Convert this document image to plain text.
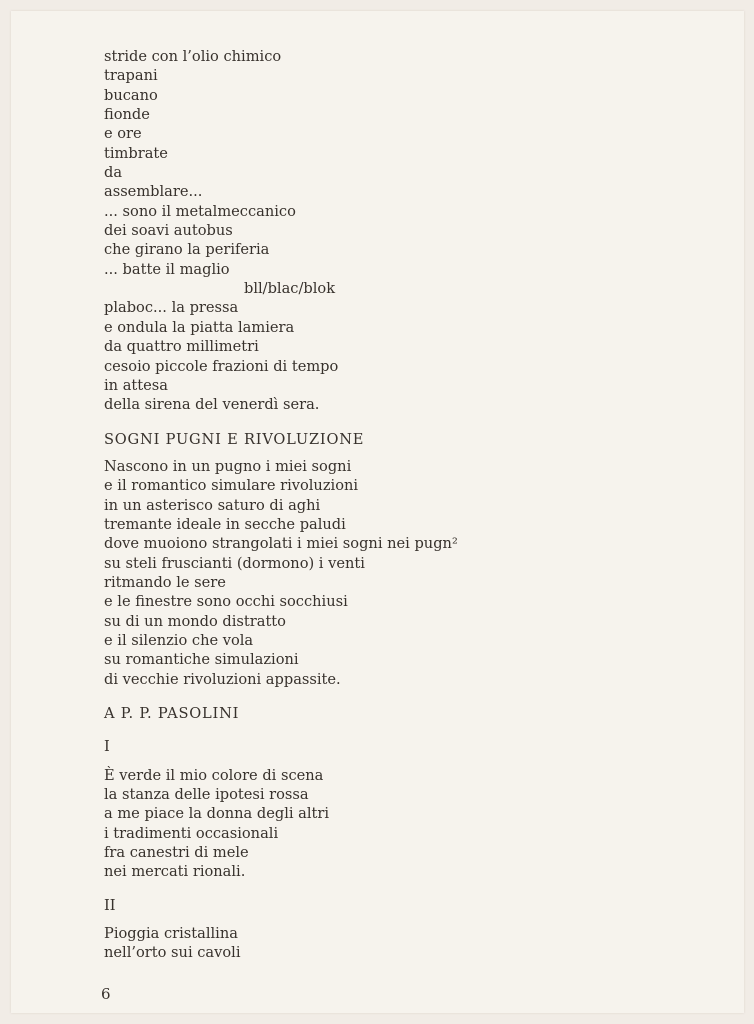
stride con l’olio chimico
trapani
bucano
fionde
e ore
timbrate
da
assemblare...
... sono il metalmeccanico
dei soavi autobus
che girano la periferia
... batte il maglio
bll/blac/blok
plaboc... la pressa
e ondula la piatta lamiera
da quattro millimetri
cesoio piccole frazioni di tempo
in attesa
della sirena del venerdì sera.
SOGNI PUGNI E RIVOLUZIONE
Nascono in un pugno i miei sogni
e il romantico simulare rivoluzioni
in un asterisco saturo di aghi
tremante ideale in secche paludi
dove muoiono strangolati i miei sogni nei pugn²
su steli fruscianti (dormono) i venti
ritmando le sere
e le finestre sono occhi socchiusi
su di un mondo distratto
e il silenzio che vola
su romantiche simulazioni
di vecchie rivoluzioni appassite.
A P. P. PASOLINI
I
È verde il mio colore di scena
la stanza delle ipotesi rossa
a me piace la donna degli altri
i tradimenti occasionali
fra canestri di mele
nei mercati rionali.
II
Pioggia cristallina
nell’orto sui cavoli
6
